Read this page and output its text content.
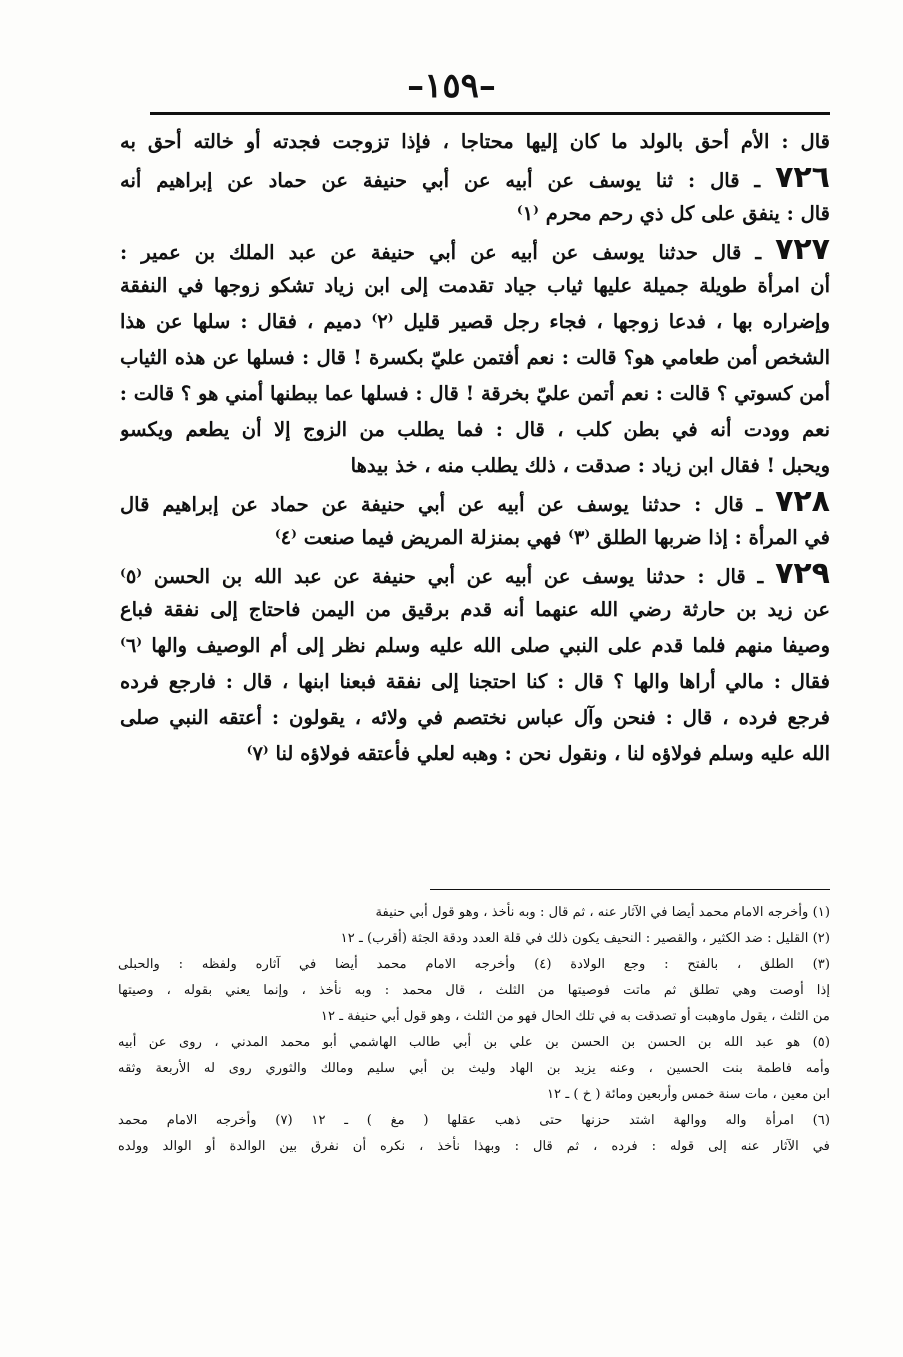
–١٥٩–
قال : الأم أحق بالولد ما كان إليها محتاجا ، فإذا تزوجت فجدته أو خالته أحق به
٧٢٦ ـ قال : ثنا يوسف عن أبيه عن أبي حنيفة عن حماد عن إبراهيم أنه
قال : ينفق على كل ذي رحم محرم ⁽١⁾
٧٢٧ ـ قال حدثنا يوسف عن أبيه عن أبي حنيفة عن عبد الملك بن عمير :
أن امرأة طويلة جميلة عليها ثياب جياد تقدمت إلى ابن زياد تشكو زوجها في النفقة
وإضراره بها ، فدعا زوجها ، فجاء رجل قصير قليل ⁽٢⁾ دميم ، فقال : سلها عن هذا
الشخص أمن طعامي هو؟ قالت : نعم أفتمن عليّ بكسرة ! قال : فسلها عن هذه الثياب
أمن كسوتي ؟ قالت : نعم أتمن عليّ بخرقة ! قال : فسلها عما ببطنها أمني هو ؟ قالت :
نعم وودت أنه في بطن كلب ، قال : فما يطلب من الزوج إلا أن يطعم ويكسو
ويحبل ! فقال ابن زياد : صدقت ، ذلك يطلب منه ، خذ بيدها
٧٢٨ ـ قال : حدثنا يوسف عن أبيه عن أبي حنيفة عن حماد عن إبراهيم قال
في المرأة : إذا ضربها الطلق ⁽٣⁾ فهي بمنزلة المريض فيما صنعت ⁽٤⁾
٧٢٩ ـ قال : حدثنا يوسف عن أبيه عن أبي حنيفة عن عبد الله بن الحسن ⁽٥⁾
عن زيد بن حارثة رضي الله عنهما أنه قدم برقيق من اليمن فاحتاج إلى نفقة فباع
وصيفا منهم فلما قدم على النبي صلى الله عليه وسلم نظر إلى أم الوصيف والها ⁽٦⁾
فقال : مالي أراها والها ؟ قال : كنا احتجنا إلى نفقة فبعنا ابنها ، قال : فارجع فرده
فرجع فرده ، قال : فنحن وآل عباس نختصم في ولائه ، يقولون : أعتقه النبي صلى
الله عليه وسلم فولاؤه لنا ، ونقول نحن : وهبه لعلي فأعتقه فولاؤه لنا ⁽٧⁾
(١) وأخرجه الامام محمد أيضا في الآثار عنه ، ثم قال : وبه نأخذ ، وهو قول أبي حنيفة
(٢) القليل : ضد الكثير ، والقصير : النحيف يكون ذلك في قلة العدد ودقة الجثة (أقرب) ـ ١٢
(٣) الطلق ، بالفتح : وجع الولادة (٤) وأخرجه الامام محمد أيضا في آثاره ولفظه : والحبلى
إذا أوصت وهي تطلق ثم ماتت فوصيتها من الثلث ، قال محمد : وبه نأخذ ، وإنما يعني بقوله ، وصيتها
من الثلث ، يقول ماوهبت أو تصدقت به في تلك الحال فهو من الثلث ، وهو قول أبي حنيفة ـ ١٢
(٥) هو عبد الله بن الحسن بن الحسن بن علي بن أبي طالب الهاشمي أبو محمد المدني ، روى عن أبيه
وأمه فاطمة بنت الحسين ، وعنه يزيد بن الهاد وليث بن أبي سليم ومالك والثوري روى له الأربعة وثقه
ابن معين ، مات سنة خمس وأربعين ومائة ( خ ) ـ ١٢
(٦) امرأة واله ووالهة اشتد حزنها حتى ذهب عقلها ( مغ ) ـ ١٢ (٧) وأخرجه الامام محمد
في الآثار عنه إلى قوله : فرده ، ثم قال : وبهذا نأخذ ، نكره أن نفرق بين الوالدة أو الوالد وولده
